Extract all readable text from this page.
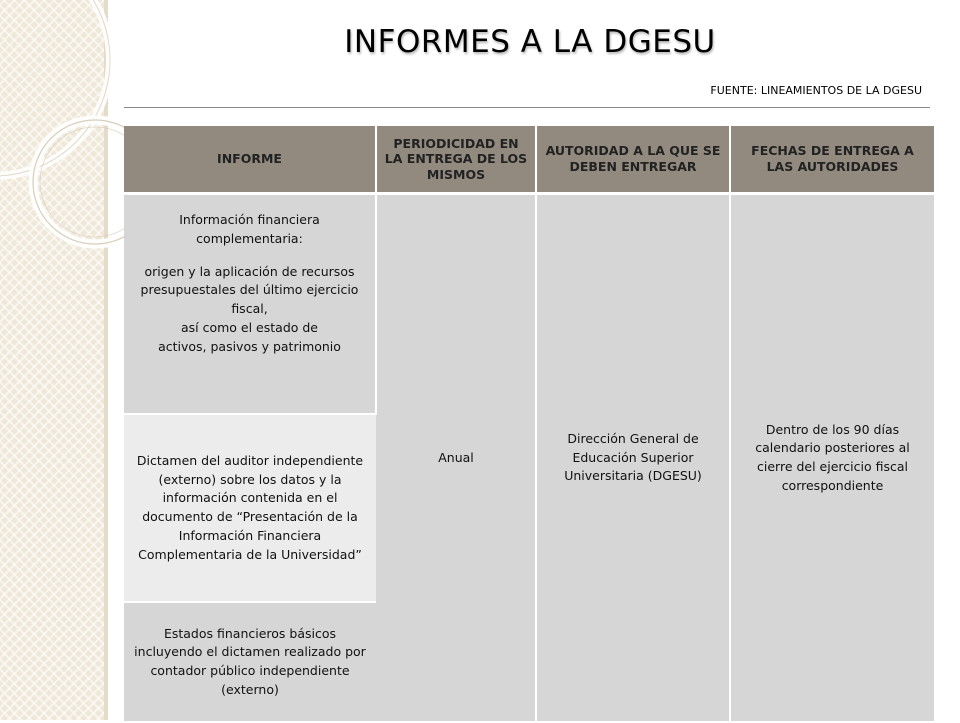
INFORMES A LA DGESU

FUENTE: LINEAMIENTOS DE LA DGESU

INFORME	PERIODICIDAD EN LA ENTREGA DE LOS MISMOS	AUTORIDAD A LA QUE SE DEBEN ENTREGAR	FECHAS DE ENTREGA A LAS AUTORIDADES

Información financiera complementaria:
origen y la aplicación de recursos presupuestales del último ejercicio fiscal,
así como el estado de
activos, pasivos y patrimonio	Anual	Dirección General de Educación Superior Universitaria (DGESU)	Dentro de los 90 días calendario posteriores al cierre del ejercicio fiscal correspondiente
Dictamen del auditor independiente (externo) sobre los datos y la información contenida en el documento de “Presentación de la Información Financiera Complementaria de la Universidad”			
Estados financieros básicos incluyendo el dictamen realizado por contador público independiente (externo)			
